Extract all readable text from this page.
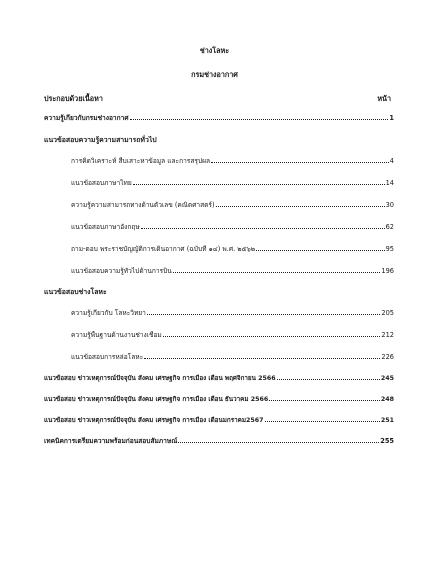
ช่างโลหะ
กรมช่างอากาศ
ประกอบด้วยเนื้อหา	หน้า
ความรู้เกี่ยวกับกรมช่างอากาศ	1
แนวข้อสอบความรู้ความสามารถทั่วไป
การคิดวิเคราะห์ สืบเสาะหาข้อมูล และการสรุปผล	4
แนวข้อสอบภาษาไทย	14
ความรู้ความสามารถทางด้านตัวเลข (คณิตศาสตร์)	30
แนวข้อสอบภาษาอังกฤษ	62
ถาม-ตอบ พระราชบัญญัติการเดินอากาศ (ฉบับที่ ๑๔) พ.ศ. ๒๕๖๒	95
แนวข้อสอบความรู้ทั่วไปด้านการบิน	196
แนวข้อสอบช่างโลหะ
ความรู้เกี่ยวกับ โลหะวิทยา	205
ความรู้พื้นฐานด้านงานช่างเชื่อม	212
แนวข้อสอบการหล่อโลหะ	226
แนวข้อสอบ ข่าวเหตุการณ์ปัจจุบัน สังคม เศรษฐกิจ การเมือง เดือน พฤศจิกายน 2566	245
แนวข้อสอบ ข่าวเหตุการณ์ปัจจุบัน สังคม เศรษฐกิจ การเมือง เดือน ธันวาคม 2566	248
แนวข้อสอบ ข่าวเหตุการณ์ปัจจุบัน สังคม เศรษฐกิจ การเมือง เดือนมกราคม2567	251
เทคนิคการเตรียมความพร้อมก่อนสอบสัมภาษณ์	255
